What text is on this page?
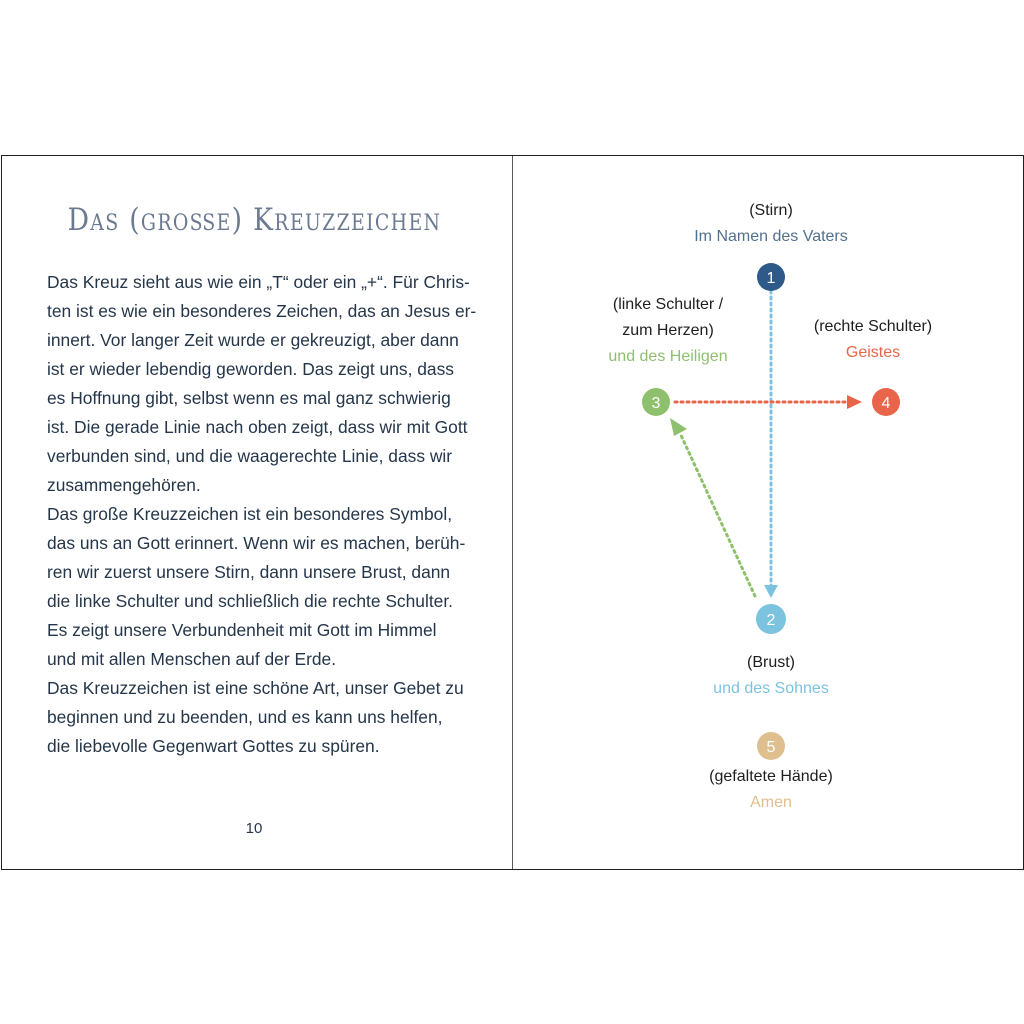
Das (große) Kreuzzeichen
Das Kreuz sieht aus wie ein „T“ oder ein „+“. Für Chris-
ten ist es wie ein besonderes Zeichen, das an Jesus er-
innert. Vor langer Zeit wurde er gekreuzigt, aber dann
ist er wieder lebendig geworden. Das zeigt uns, dass
es Hoffnung gibt, selbst wenn es mal ganz schwierig
ist. Die gerade Linie nach oben zeigt, dass wir mit Gott
verbunden sind, und die waagerechte Linie, dass wir
zusammengehören.
Das große Kreuzzeichen ist ein besonderes Symbol,
das uns an Gott erinnert. Wenn wir es machen, berüh-
ren wir zuerst unsere Stirn, dann unsere Brust, dann
die linke Schulter und schließlich die rechte Schulter.
Es zeigt unsere Verbundenheit mit Gott im Himmel
und mit allen Menschen auf der Erde.
Das Kreuzzeichen ist eine schöne Art, unser Gebet zu
beginnen und zu beenden, und es kann uns helfen,
die liebevolle Gegenwart Gottes zu spüren.
10
1
2
3	4
5
(Stirn)
Im Namen des Vaters
(linke Schulter /
zum Herzen)
und des Heiligen
(rechte Schulter)
Geistes
(Brust)
und des Sohnes
(gefaltete Hände)
Amen
